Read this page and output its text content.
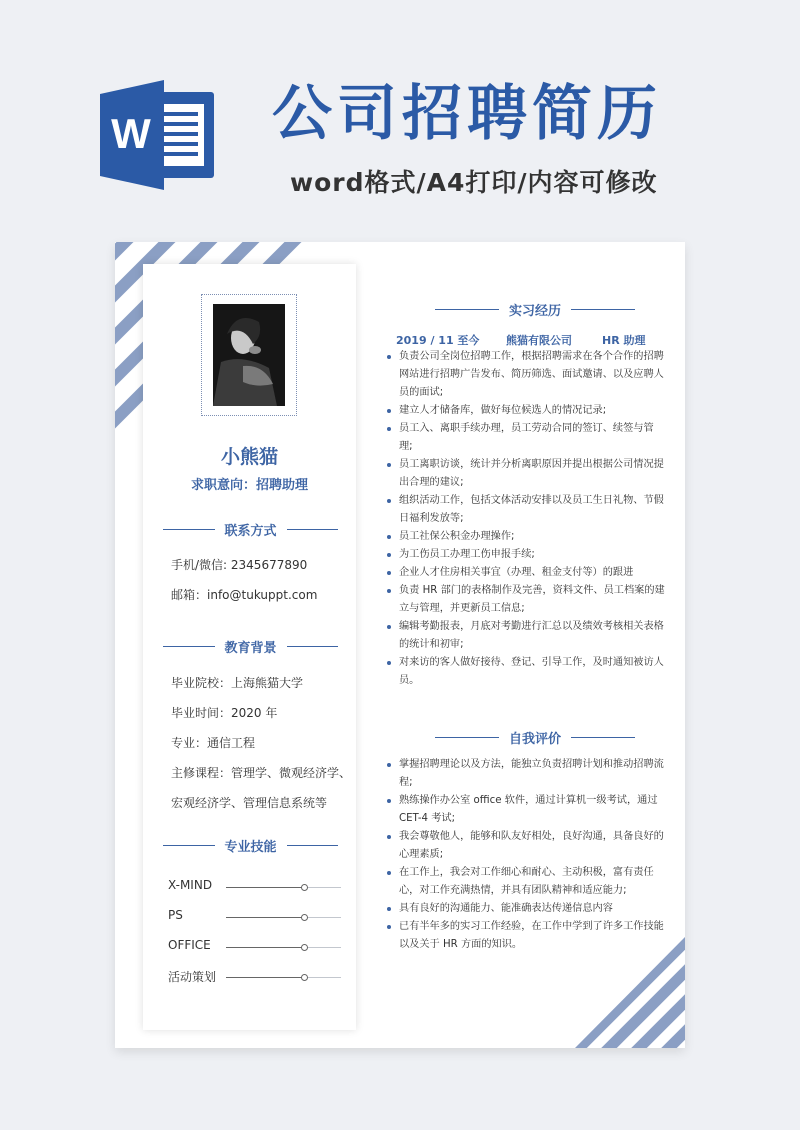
W 公司招聘简历
word格式/A4打印/内容可修改
小熊猫
求职意向：招聘助理
联系方式
手机/微信: 2345677890
邮箱：info@tukuppt.com
教育背景
毕业院校：上海熊猫大学
毕业时间：2020 年
专业：通信工程
主修课程：管理学、微观经济学、
宏观经济学、管理信息系统等
专业技能
X-MIND
PS
OFFICE
活动策划
实习经历
2019 / 11 至今 熊猫有限公司	HR 助理
负责公司全岗位招聘工作，根据招聘需求在各个合作的招聘网站进行招聘广告发布、简历筛选、面试邀请、以及应聘人员的面试;
建立人才储备库，做好每位候选人的情况记录;
员工入、离职手续办理，员工劳动合同的签订、续签与管理;
员工离职访谈，统计并分析离职原因并提出根据公司情况提出合理的建议;
组织活动工作，包括文体活动安排以及员工生日礼物、节假日福利发放等;
员工社保公积金办理操作;
为工伤员工办理工伤申报手续;
企业人才住房相关事宜（办理、租金支付等）的跟进
负责 HR 部门的表格制作及完善，资料文件、员工档案的建立与管理，并更新员工信息;
编辑考勤报表，月底对考勤进行汇总以及绩效考核相关表格的统计和初审;
对来访的客人做好接待、登记、引导工作，及时通知被访人员。
自我评价
掌握招聘理论以及方法，能独立负责招聘计划和推动招聘流程;
熟练操作办公室 office 软件，通过计算机一级考试，通过 CET-4 考试;
我会尊敬他人，能够和队友好相处，良好沟通，具备良好的心理素质;
在工作上，我会对工作细心和耐心、主动积极，富有责任心，对工作充满热情，并具有团队精神和适应能力;
具有良好的沟通能力、能准确表达传递信息内容
已有半年多的实习工作经验，在工作中学到了许多工作技能以及关于 HR 方面的知识。
